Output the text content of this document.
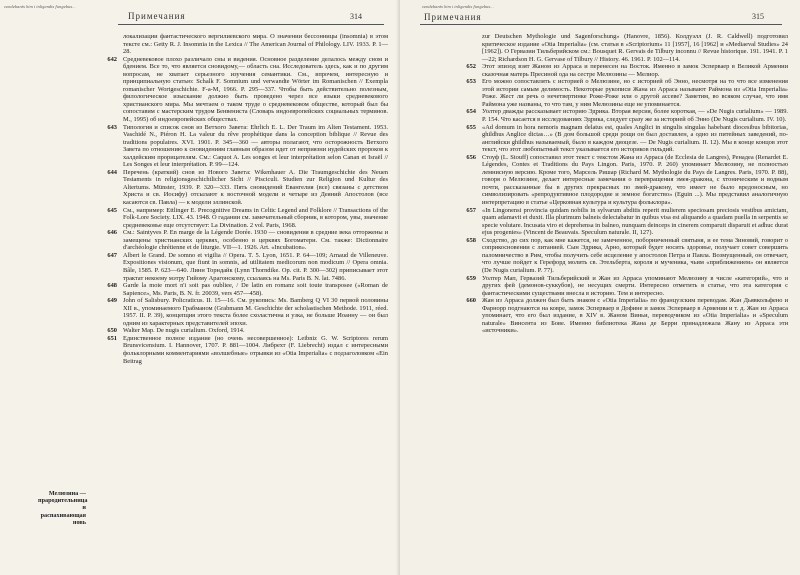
cendebants him i inligendis fungebus...
Примечания	314
локализации фантастического вергилиевского мира. О значении бессонницы (insomnia) в этом тексте см.: Getty R. J. Insomnia in the Lexica // The American Journal of Philology. LIV. 1933. P. 1—28.
642 Средневековое плохо различало сны и видения. Основное разделение делалось между сном и бдением. Все то, что является сновидому,— область сна. Исследователь здесь, как и по другим вопросам, не хватает серьезного изучения семантики. См., впрочем, интересную и принципиальную статью: Schalk F. Somnium und verwandte Wörter im Romanischen // Exempla romanischer Wortgeschichte. F-a-M, 1966. P. 295—337. Чтобы быть действительно полезным, филологическое изыскание должно быть проведено через все языки средневекового христианского мира. Мы мечтаем о таком труде о средневековом обществе, который был бы сопоставим с мастерским трудом Бенвениста (Словарь индоевропейских социальных терминов. М., 1995) об индоевропейских обществах.
643 Типология и список снов из Ветхого Завета: Ehrlich E. L. Der Traum im Alten Testament. 1953. Vaschidé N., Piéron H. La valeur du rêve prophétique dans la conception biblique // Revue des traditions populaires. XVI. 1901. P. 345—360 — авторы полагают, что осторожность Ветхого Завета по отношению к сновидениям главным образом идет от неприязни иудейских пророков к халдейским прорицателям. См.: Caquot A. Les songes et leur interprétation selon Canan et Israël // Les Songes et leur interprétation. P. 99—124.
644 Перечень (краткий) снов из Нового Завета: Wikenhauer A. Die Traumgeschichte des Neuen Testaments in religionsgeschichtlicher Sicht // Pisciculi. Studien zur Religion und Kultur des Altertums. Münster, 1939. P. 320—333. Пять сновидений Евангелия (все) связаны с детством Христа и св. Иосифу) отсылают к восточной модели и четыре из Деяний Апостолов (все касаются св. Павла) — к модели эллинской.
645 См., например: Ettlinger E. Precognitive Dreams in Celtic Legend and Folklore // Transactions of the Folk-Lore Society. LIX. 43. 1948. О гадании см. замечательный сборник, в котором, увы, значение средневековье еще отсутствует: La Divination. 2 vol. Paris, 1968.
646 См.: Saintyves P. En marge de la Légende Dorée. 1930 — сновидения в средние века отторжены и замещены христианских церквях, особенно в церквях Богоматери. См. также: Dictionnaire d'archéologie chrétienne et de liturgie. VII—1. 1926. Art. «Incubation».
647 Albert le Grand. De somno et vigilia // Opera. T. 5. Lyon, 1651. P. 64—109; Arnaud de Villeneuve. Expositiones visionum, que fiunt in somnis, ad utilitatem medicorum non modicum // Opera omnia. Bâle, 1585. P. 623—640. Линн Торндайк (Lynn Thorndike. Op. cit. P. 300—302) приписывает этот трактат некоему мэтру Гийому Арагонскому, ссылаясь на Ms. Paris B. N. lat. 7486.
648 Garde la moie mort n'i soit pas oubliee, / De latin en romanz soit toute transposee («Roman de Sapience», Ms. Paris, B. N. fr. 20039, vers 457—458).
649 John of Salisbury. Policraticus. II. 15—16. См. рукопись: Ms. Bamberg Q VI 30 первой половины XII в., упоминаемого Грабманом (Grabmann M. Geschichte der scholastischen Methode. 1911, réed. 1957. II. P. 39), концепция этого текста более схоластична и узка, не больше Иоанну — он был одним из характерных представителей эпохи.
650 Walter Map. De nugis curialium. Oxford, 1914.
651 Единственное полное издание (но очень несовершенное): Leibniz G. W. Scriptores rerum Brunsvicensium. I. Hannover, 1707. P. 881—1004. Либрехт (F. Liebrecht) издал с интересными фольклорными комментариями «волшебные» отрывки из «Otia Imperialia» с подзаголовком «Ein Beitrag
Мелюзина — прародительница и распахивающая новь
cendebants him i inligendis fungebus...
Примечания	315
zur Deutschen Mythologie und Sagenforschung» (Hanovre, 1856). Колдуэлл (J. R. Caldwell) подготовил критическое издание «Otia Imperialia» (см. статьи в «Scriptorium» 11 [1957], 16 [1962] и «Mediaeval Studies» 24 [1962]). О Гервазии Тильберийском см.: Bousquet R. Gervais de Tilbury inconnu // Revue historique. 191. 1941. P. 1—22; Richardson H. G. Gervase of Tilbury // History. 46. 1961. P. 102—114.
652 Этот эпизод взят Жаном из Арраса и перенесен на Восток. Именно в замок Эсперваер в Великой Армении сказочная матерь Пресиной ода на сестре Мелюзины — Мелиор.
653 Его можно сопоставлять с историей о Мелюзине, но с историей об Эннo, несмотря на то что все изменения этой истории самым делимость. Некоторые рукописи Жана из Арраса называют Раймона из «Otia Imperialia» Роже. Жест ли речь о нечетвертинке Роже-Роже или о другой ассеве? Заметим, во всяком случае, что имя Раймона уже названы, то что там, у ним Мелюзины еще не упоминается.
654 Уолтер дважды рассказывает историю Эдрика. Вторая версия, более короткая, — «De Nugis curialium» — 1989. P. 154. Что касается в исследованиях Эдрика, следует сразу же за историей об Эннo (De Nugis curialium. IV. 10).
655 «Ad domum in hora nemoris magnam delatus est, quales Anglici in singulis singulas habebant diocesibus bibitorias, ghildhus Anglice dictas…» (В дом большой среди рощи он был доставлен, а одно из питейных заведений, по-английски ghildhus называемый, было в каждом диоцезе. — De Nugis curialium. II. 12). Мы в конце концов этот текст, что этот любопытный текст указывается его историков гильдий.
656 Стоуф (L. Stouff) сопоставил этот текст с текстом Жана из Арраса (de Ecclesia de Langres), Ренадеа (Renardet E. Légendes, Contes et Traditions du Pays Lingon. Paris, 1970. P. 260) упоминает Мелюзину, не полностью лемнисную версию. Кроме того, Марсель Ришар (Richard M. Mythologie du Pays de Langres. Paris, 1970. P. 88), говоря о Мелюзине, делает интересные замечания о перевращения змея-дракона, с хтоническим и водным почти, рассказанные бы в других прекрасных по змей-дракону, что имеет не было вредоносным, но символизировать «репродуктивное плодородие и земное богатство» (Eguin ...). Мы представил аналогичную интерпретацию в статье «Церковная культура и культура фольклора».
657 «In Lingonensi provincia quidam nobilis in sylvarum abditis reperit mulierem speciosam preciosis vestibus amictam, quam adamavit et duxit. Illa plurimum balneis delectabatur in quibus visa est aliquando a quadam puella in serpentis se specie volutare. Incusata viro et deprehensa in balneo, nunquam deinceps in cinerem comparuit disparuit et adhuc durat ejus progenies» (Vincent de Beauvais. Speculum naturale. II, 127).
658 Сходство, до сих пор, как мне кажется, не замеченное, поборниченный святыня, и ее тема Зиновий, говорит о соприкосновении с литанией. Сын Эдрика, Арно, который будет носить здоровье, получает совет совершить паломничество в Рим, чтобы получить себе исцеление у апостолов Петра и Павла. Возмущенный, он отвечает, что лучше пойдет к Герефорд молить св. Этельберта, короля и мученика, чьим «приближением» он является (De Nugis curialium. P. 77).
659 Уолтер Мап, Гервазий Тильберийский и Жан из Арраса упоминают Мелюзину в числе «категорий», что и других фей (демонов-суккубов), не несущих смерти. Интересно отметить в статье, что эта категория с фантастическими существами внесла в историю. Тем и интересно.
660 Жан из Арраса должен был быть знаком с «Otia Imperialia» по французским переводам. Жан Дьявкольфено и Фарнорр подгнаются на ковре, замок Эсперваер в Дофине и замок Эсперваер в Армении и т. д. Жан из Арраса упоминает, что его был издание, в XIV в. Жаном Виньи, переводчиком из «Otia Imperialia» и «Speculum naturale» Винсента из Бове. Именно библиотека Жана де Берри принадлежала Жану из Арраса эти «источники».
